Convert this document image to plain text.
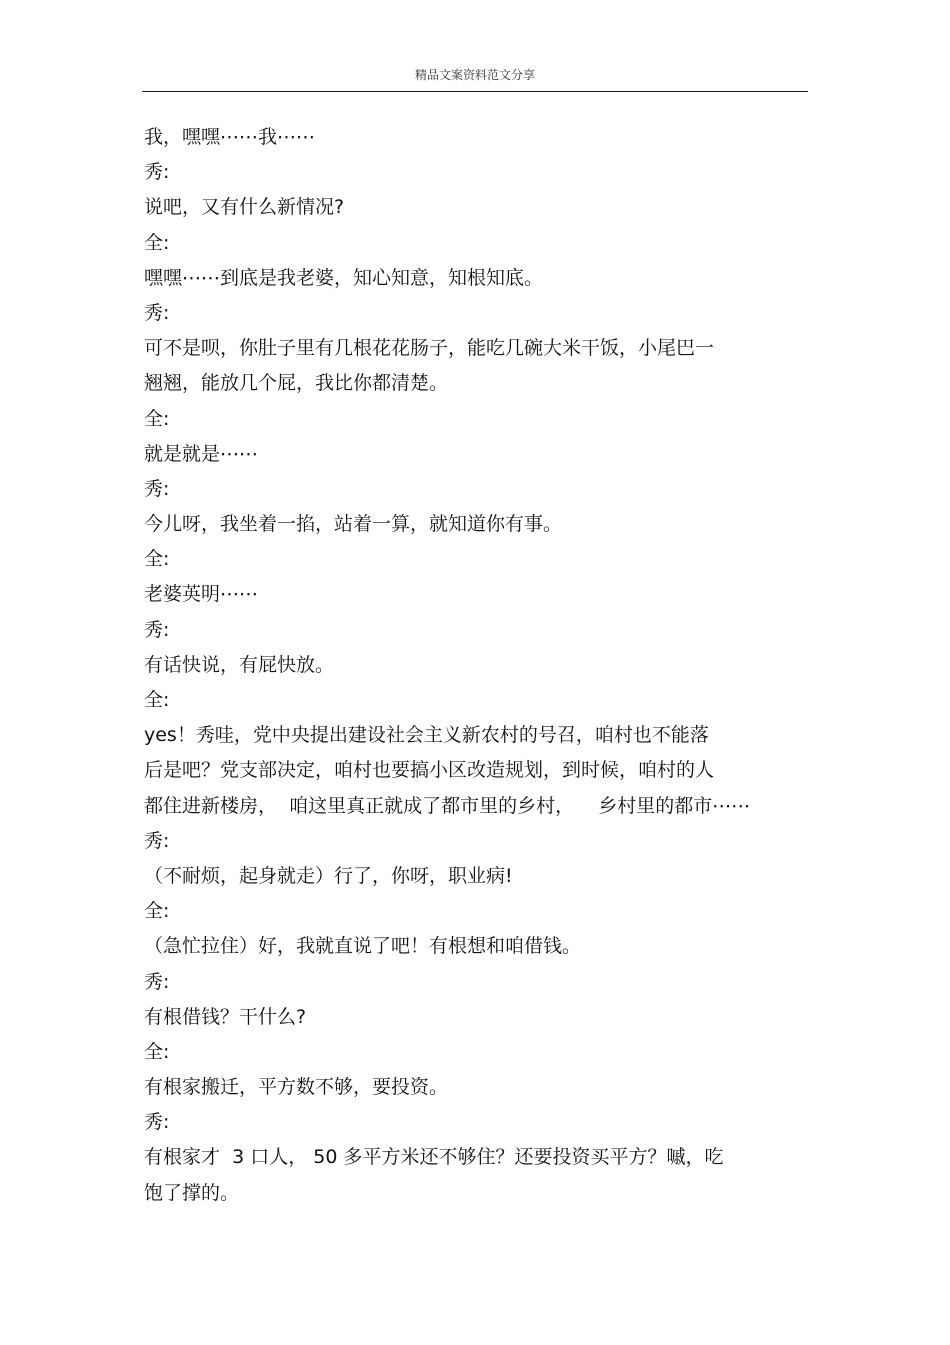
精品文案资料范文分享
我，嘿嘿⋯⋯我⋯⋯
秀:
说吧，又有什么新情况?
全:
嘿嘿⋯⋯到底是我老婆，知心知意，知根知底。
秀:
可不是呗，你肚子里有几根花花肠子，能吃几碗大米干饭，小尾巴一
翘翘，能放几个屁，我比你都清楚。
全:
就是就是⋯⋯
秀:
今儿呀，我坐着一掐，站着一算，就知道你有事。
全:
老婆英明⋯⋯
秀:
有话快说，有屁快放。
全:
yes！秀哇，党中央提出建设社会主义新农村的号召，咱村也不能落
后是吧？党支部决定，咱村也要搞小区改造规划，到时候，咱村的人
都住进新楼房，  咱这里真正就成了都市里的乡村，    乡村里的都市⋯⋯
秀:
（不耐烦，起身就走）行了，你呀，职业病!
全:
（急忙拉住）好，我就直说了吧！有根想和咱借钱。
秀:
有根借钱？干什么?
全:
有根家搬迁，平方数不够，要投资。
秀:
有根家才  3 口人， 50 多平方米还不够住？还要投资买平方？嘁，吃
饱了撑的。
